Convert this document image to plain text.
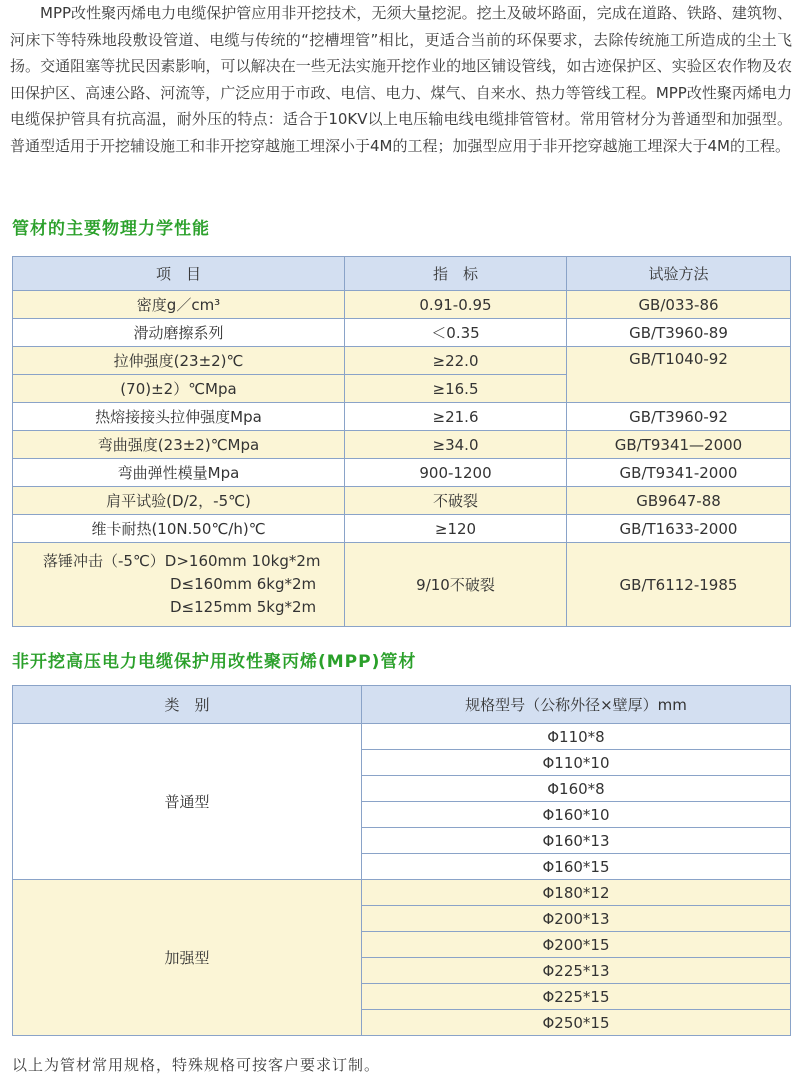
MPP改性聚丙烯电力电缆保护管应用非开挖技术，无须大量挖泥。挖土及破坏路面，完成在道路、铁路、建筑物、河床下等特殊地段敷设管道、电缆与传统的“挖槽埋管”相比，更适合当前的环保要求，去除传统施工所造成的尘土飞扬。交通阻塞等扰民因素影响，可以解决在一些无法实施开挖作业的地区铺设管线，如古迹保护区、实验区农作物及农田保护区、高速公路、河流等，广泛应用于市政、电信、电力、煤气、自来水、热力等管线工程。MPP改性聚丙烯电力电缆保护管具有抗高温，耐外压的特点：适合于10KV以上电压输电线电缆排管管材。常用管材分为普通型和加强型。普通型适用于开挖辅设施工和非开挖穿越施工埋深小于4M的工程；加强型应用于非开挖穿越施工埋深大于4M的工程。

管材的主要物理力学性能
项　目	指　标	试验方法
密度g／cm³	0.91-0.95	GB/033-86
滑动磨擦系列	＜0.35	GB/T3960-89
拉伸强度(23±2)℃	≥22.0	GB/T1040-92
(70)±2）℃Mpa	≥16.5	
热熔接接头拉伸强度Mpa	≥21.6	GB/T3960-92
弯曲强度(23±2)℃Mpa	≥34.0	GB/T9341—2000
弯曲弹性模量Mpa	900-1200	GB/T9341-2000
肩平试验(D/2，-5℃)	不破裂	GB9647-88
维卡耐热(10N.50℃/h)℃	≥120	GB/T1633-2000

落锤冲击（-5℃）D>160mm 10kg*2m
D≤160mm 6kg*2m
D≤125mm 5kg*2m	9/10不破裂	GB/T6112-1985
非开挖高压电力电缆保护用改性聚丙烯(MPP)管材
类　别	规格型号（公称外径×壁厚）mm
普通型	Φ110*8
	Φ110*10
	Φ160*8
	Φ160*10
	Φ160*13
	Φ160*15
加强型	Φ180*12
	Φ200*13
	Φ200*15
	Φ225*13
	Φ225*15
	Φ250*15

以上为管材常用规格，特殊规格可按客户要求订制。
